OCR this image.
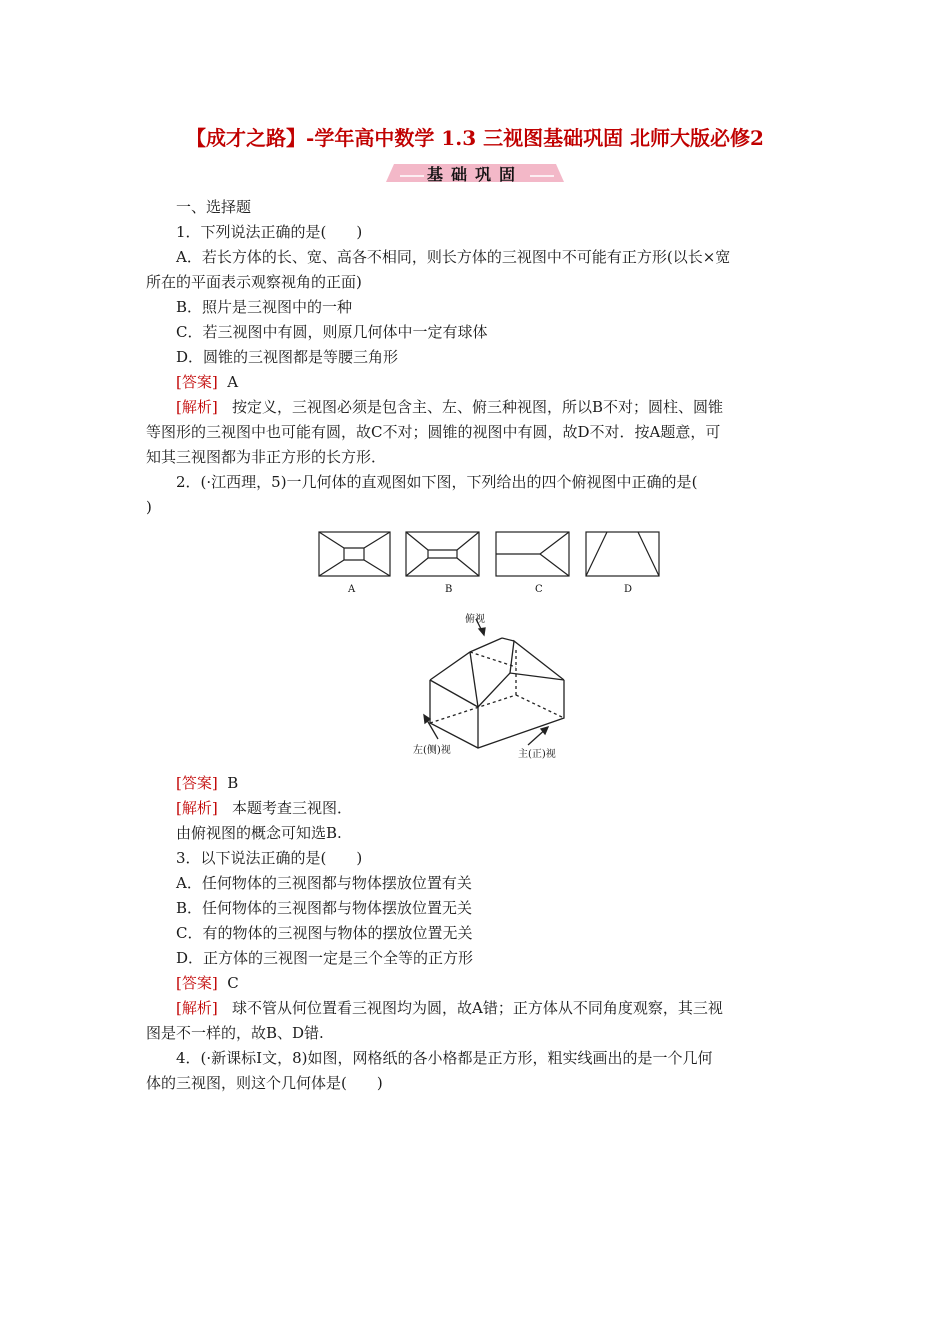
【成才之路】-学年高中数学 1.3 三视图基础巩固 北师大版必修2
基础巩固
一、选择题
1．下列说法正确的是(　　)
A．若长方体的长、宽、高各不相同，则长方体的三视图中不可能有正方形(以长×宽
所在的平面表示观察视角的正面)
B．照片是三视图中的一种
C．若三视图中有圆，则原几何体中一定有球体
D．圆锥的三视图都是等腰三角形
[答案] A
[解析] 按定义，三视图必须是包含主、左、俯三种视图，所以B不对；圆柱、圆锥
等图形的三视图中也可能有圆，故C不对；圆锥的视图中有圆，故D不对．按A题意，可
知其三视图都为非正方形的长方形．
2．(·江西理，5)一几何体的直观图如下图，下列给出的四个俯视图中正确的是(
)
A	B	C	D
俯视
左(侧)视	主(正)视
[答案] B
[解析] 本题考查三视图．
由俯视图的概念可知选B.
3．以下说法正确的是(　　)
A．任何物体的三视图都与物体摆放位置有关
B．任何物体的三视图都与物体摆放位置无关
C．有的物体的三视图与物体的摆放位置无关
D．正方体的三视图一定是三个全等的正方形
[答案] C
[解析] 球不管从何位置看三视图均为圆，故A错；正方体从不同角度观察，其三视
图是不一样的，故B、D错.
4．(·新课标Ⅰ文，8)如图，网格纸的各小格都是正方形，粗实线画出的是一个几何
体的三视图，则这个几何体是(　　)
